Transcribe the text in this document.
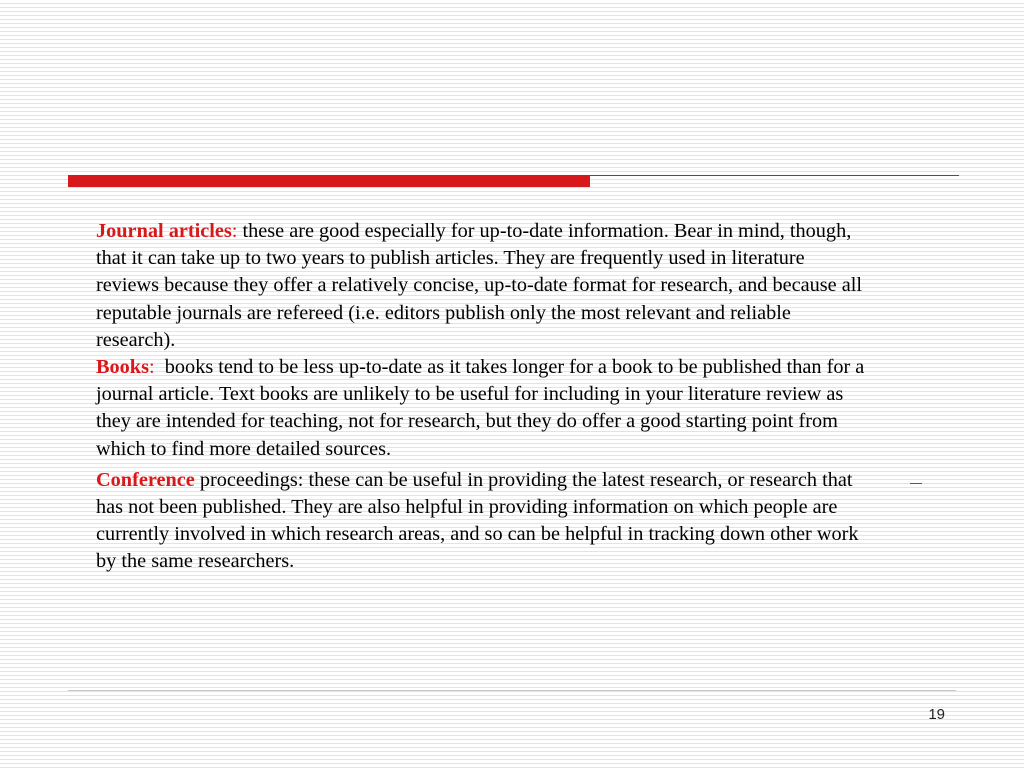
Journal articles: these are good especially for up-to-date information. Bear in mind, though, that it can take up to two years to publish articles. They are frequently used in literature reviews because they offer a relatively concise, up-to-date format for research, and because all reputable journals are refereed (i.e. editors publish only the most relevant and reliable research).

Books:  books tend to be less up-to-date as it takes longer for a book to be published than for a journal article. Text books are unlikely to be useful for including in your literature review as they are intended for teaching, not for research, but they do offer a good starting point from which to find more detailed sources.

Conference proceedings: these can be useful in providing the latest research, or research that has not been published. They are also helpful in providing information on which people are currently involved in which research areas, and so can be helpful in tracking down other work by the same researchers.

19
